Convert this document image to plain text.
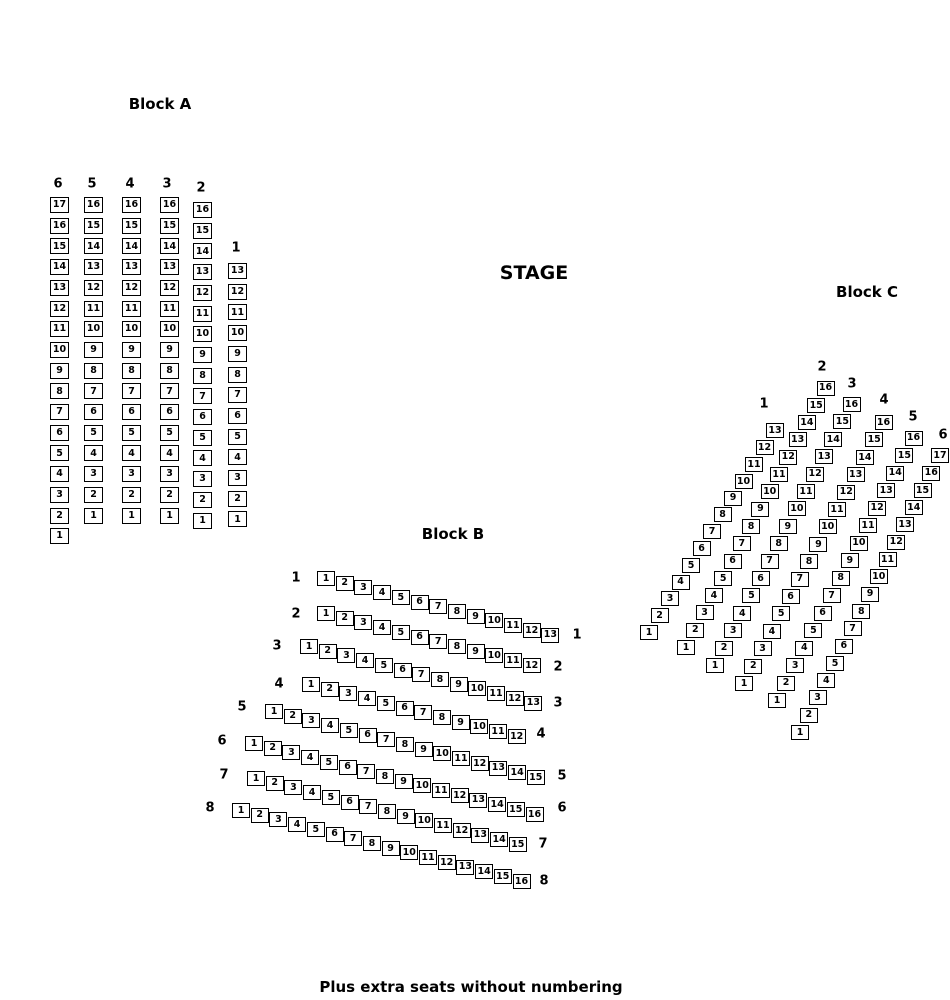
Block A
STAGE
Block C
Block B
Plus extra seats without numbering
6
17
16
15
14
13
12
11
10
9
8
7
6
5
4
3
2
1
5
16
15
14
13
12
11
10
9
8
7
6
5
4
3
2
1
4
16
15
14
13
12
11
10
9
8
7
6
5
4
3
2
1
3
16
15
14
13
12
11
10
9
8
7
6
5
4
3
2
1
2
16
15
14
13
12
11
10
9
8
7
6
5
4
3
2
1
1
13
12
11
10
9
8
7
6
5
4
3
2
1
1	1	2	3	4	5	6	7	8	9 10 11 12 13 1
2	1	2	3	4	5	6	7	8	9 10 11 12 2
3	1	2	3	4	5	6	7	8	9 10 11 12 13 3
4	1	2	3	4	5	6	7	8	9 10 11 12 4
5	1	2	3	4	5	6	7	8	9 10 11 12 13 14 15 5
6	1	2	3	4	5	6	7	8	9 10 11 12 13 14 15 16 6
7	1	2	3	4	5	6	7	8	9 10 11 12 13 14 15 7
8	1	2	3	4	5	6	7	8	9 10 11 12 13 14 15 16 8
1
13
12
11
10
9
8
7
6
5
4
3
2
1
2
16
15
14
13
12
11
10
9
8
7
6
5
4
3
2
1
3
16
15
14
13
12
11
10
9
8
7
6
5
4
3
2
1
4
16
15
14
13
12
11
10
9
8
7
6
5
4
3
2
1
5
16
15
14
13
12
11
10
9
8
7
6
5
4
3
2
1
6
17
16
15
14
13
12
11
10
9
8
7
6
5
4
3
2
1
